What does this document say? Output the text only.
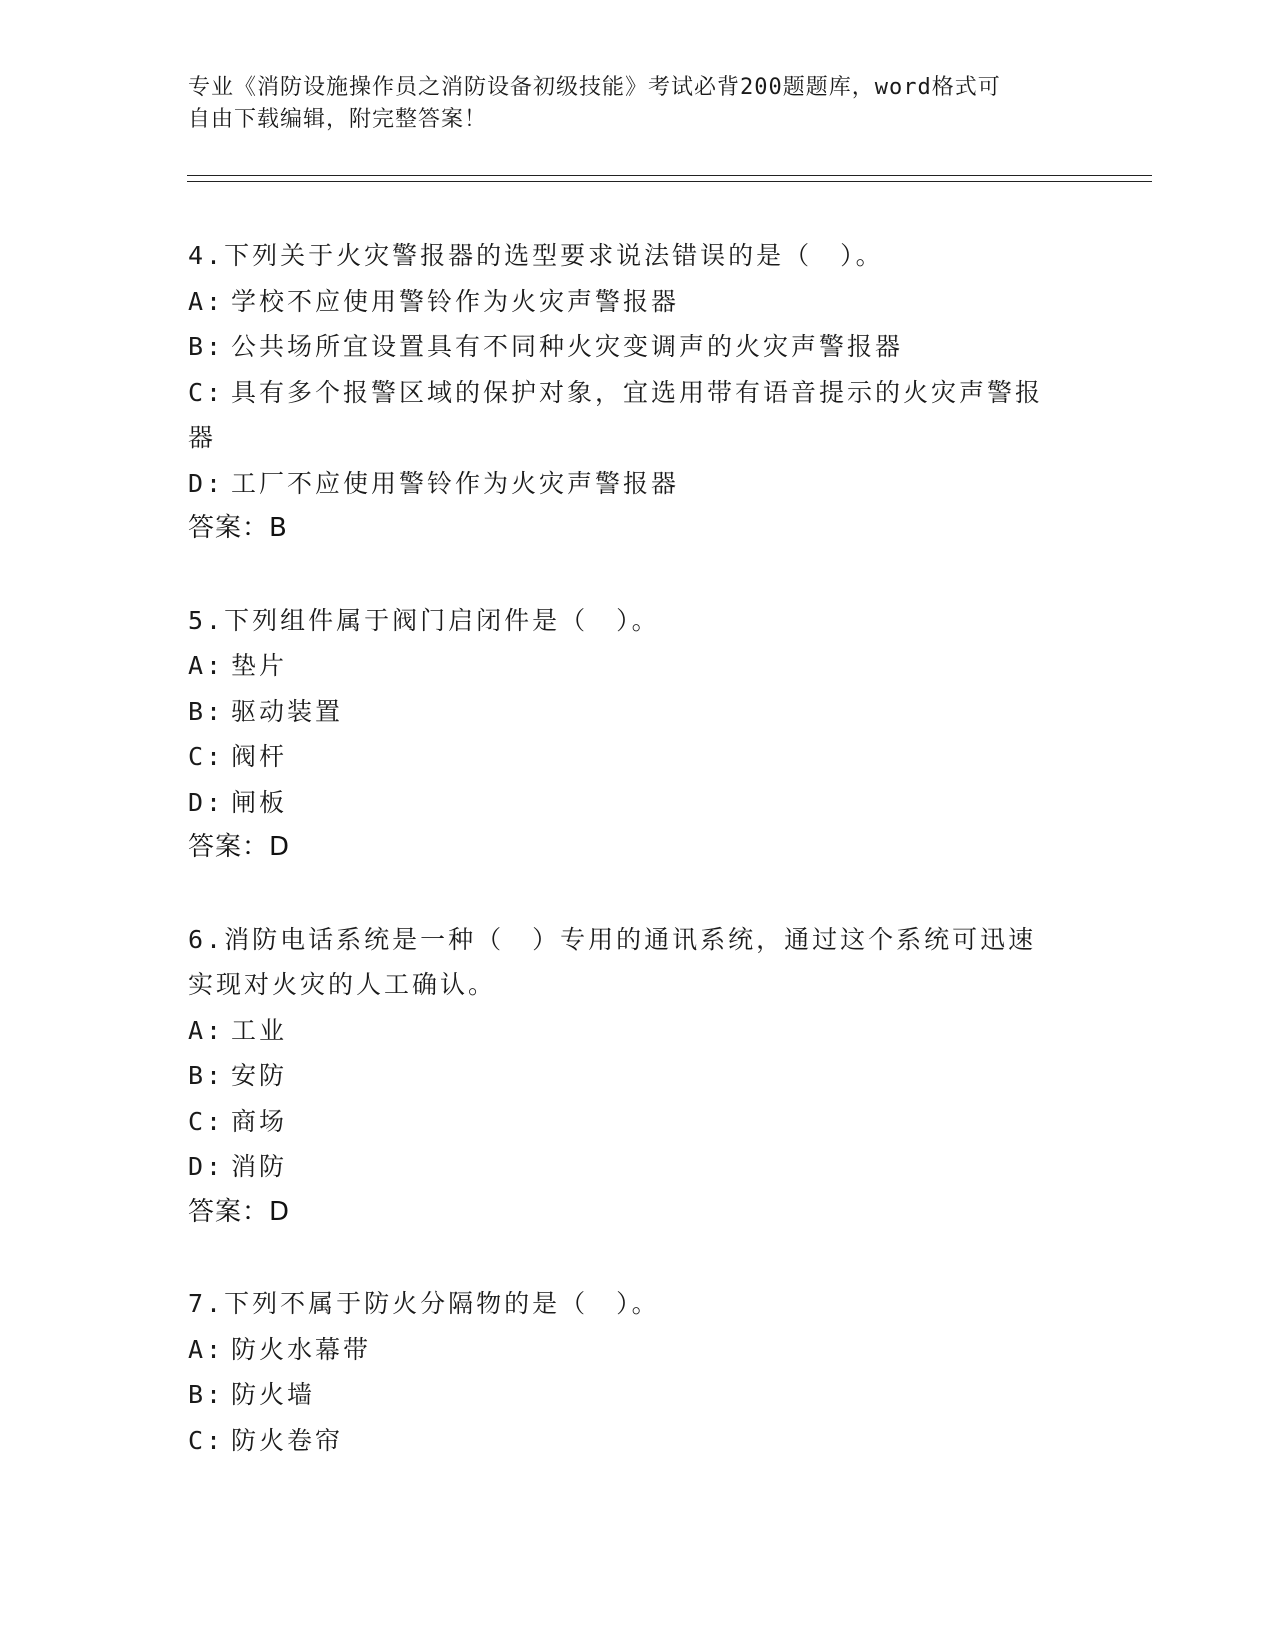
专业《消防设施操作员之消防设备初级技能》考试必背200题题库，word格式可
自由下载编辑，附完整答案！
4.下列关于火灾警报器的选型要求说法错误的是（　）。
A: 学校不应使用警铃作为火灾声警报器
B: 公共场所宜设置具有不同种火灾变调声的火灾声警报器
C: 具有多个报警区域的保护对象，宜选用带有语音提示的火灾声警报
器
D: 工厂不应使用警铃作为火灾声警报器
答案：B
5.下列组件属于阀门启闭件是（　）。
A: 垫片
B: 驱动装置
C: 阀杆
D: 闸板
答案：D
6.消防电话系统是一种（　）专用的通讯系统，通过这个系统可迅速
实现对火灾的人工确认。
A: 工业
B: 安防
C: 商场
D: 消防
答案：D
7.下列不属于防火分隔物的是（　）。
A: 防火水幕带
B: 防火墙
C: 防火卷帘
